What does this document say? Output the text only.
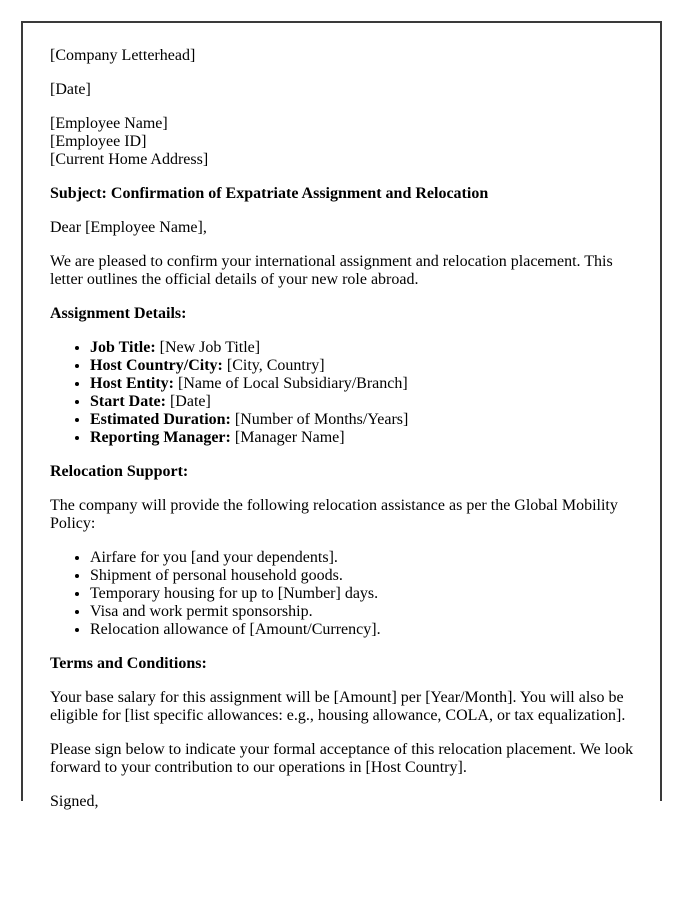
[Company Letterhead]

[Date]

[Employee Name]
[Employee ID]
[Current Home Address]

Subject: Confirmation of Expatriate Assignment and Relocation

Dear [Employee Name],

We are pleased to confirm your international assignment and relocation placement. This letter outlines the official details of your new role abroad.

Assignment Details:

• Job Title: [New Job Title]
• Host Country/City: [City, Country]
• Host Entity: [Name of Local Subsidiary/Branch]
• Start Date: [Date]
• Estimated Duration: [Number of Months/Years]
• Reporting Manager: [Manager Name]

Relocation Support:

The company will provide the following relocation assistance as per the Global Mobility Policy:

• Airfare for you [and your dependents].
• Shipment of personal household goods.
• Temporary housing for up to [Number] days.
• Visa and work permit sponsorship.
• Relocation allowance of [Amount/Currency].

Terms and Conditions:

Your base salary for this assignment will be [Amount] per [Year/Month]. You will also be eligible for [list specific allowances: e.g., housing allowance, COLA, or tax equalization].

Please sign below to indicate your formal acceptance of this relocation placement. We look forward to your contribution to our operations in [Host Country].

Signed,
